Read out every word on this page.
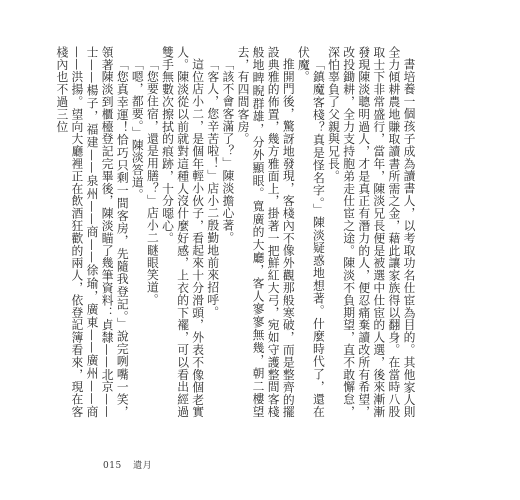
書培養一個孩子成為讀書人，以考取功名仕宦為目的。其他家人則全力傾耕農地賺取讀書所需之金，藉此讓家族得以翻身。在當時八股取士下非常盛行，當年，陳淡兄長便是被選中仕宦的人選，後來漸漸發現陳淡聰明過人，才是真正有潛力的人，便忍痛棄讀改所有希望，改投鋤耕，全力支持胞弟走仕宦之途。陳淡不負期望，直不敢懈怠，深怕辜負了父親與兄長。

「鎮魔客棧？真是怪名字。」陳淡疑惑地想著。什麼時代了，還在伏魔。

推開門後，驚訝地發現，客棧內不像外觀那般寒破，而是整齊的擺設典雅的佈置，幾方雅面上，掛著一把鮮紅大弓，宛如守護整間客棧般地睥睨群雄，分外顯眼。寬廣的大廳，客人寥寥無幾，朝二樓望去，有四間客房。

「該不會客滿了？」陳淡擔心著。

「客人，您辛苦啦！」店小二殷勤地前來招呼。

這位店小二，是個年輕小伙子，看起來十分滑頭，外表不像個老實人。陳淡從以前就對這種人沒什麼好感，上衣的下襬，可以看出經過雙手無數次擦拭的痕跡，十分噁心。

「您要住宿，還是用膳？」店小二瞇眼笑道。

「嗯，都要。」陳淡答道。

「您真幸運！恰巧只剩一間客房，先隨我登記。」說完咧嘴一笑，領著陳淡到櫃檯登記完畢後，陳淡瞄了幾筆資料：貞隸——北京——士——楊子，福建——泉州——商——徐瑜，廣東——廣州——商——洪揚。望向大廳裡正在飲酒狂歡的兩人，依登記簿看來，現在客棧內也不過三位

015 遺月
